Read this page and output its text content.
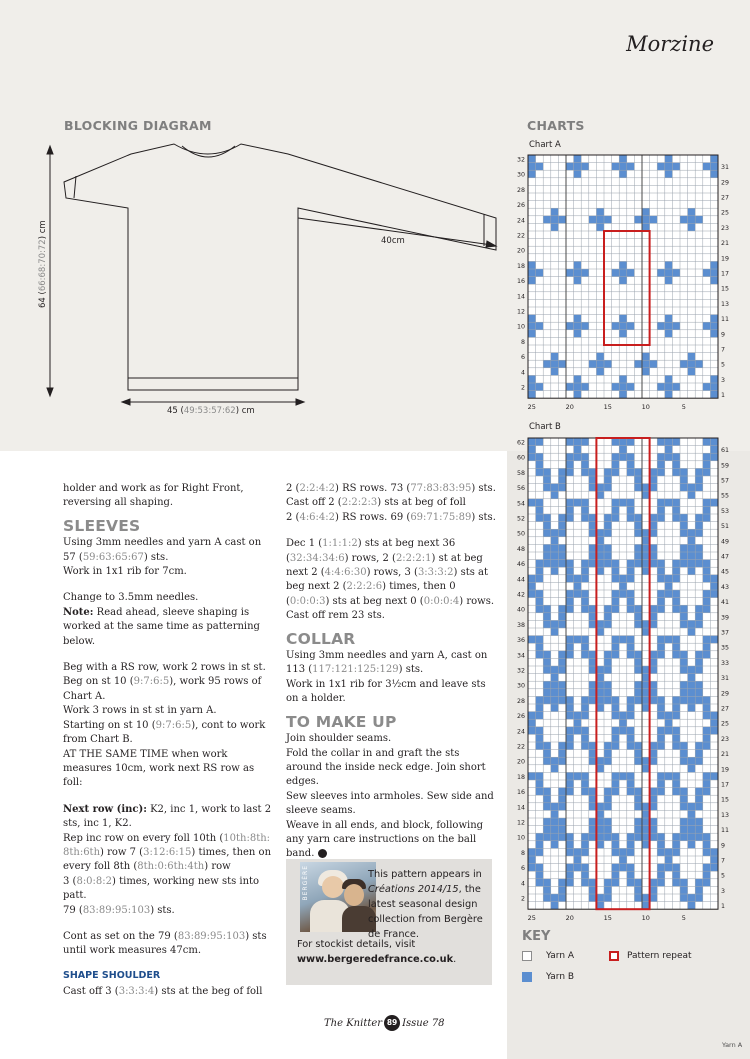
Morzine
BLOCKING DIAGRAM	CHARTS
64 (66:68:70:72) cm
45 (49:53:57:62) cm
40cm
Chart A
2
4
6
8
10
12
14
16
18
20
22
24
26
28
30
32
1
3
5
7
9
11
13
15
17
19
21
23
25
27
29
31
25	20	15	10	5
Chart B
2
4
6
8
10
12
14
16
18
20
22
24
26
28
30
32
34
36
38
40
42
44
46
48
50
52
54
56
58
60
62
1
3
5
7
9
11
13
15
17
19
21
23
25
27
29
31
33
35
37
39
41
43
45
47
49
51
53
55
57
59
61
25	20	15	10	5

holder and work as for Right Front, reversing all shaping.

SLEEVES

Using 3mm needles and yarn A cast on

57 (59:63:65:67) sts.

Work in 1x1 rib for 7cm.

Change to 3.5mm needles.

Note: Read ahead, sleeve shaping is worked at the same time as patterning below.

Beg with a RS row, work 2 rows in st st.

Beg on st 10 (9:7:6:5), work 95 rows of Chart A.

Work 3 rows in st st in yarn A.

Starting on st 10 (9:7:6:5), cont to work from Chart B.

AT THE SAME TIME when work measures 10cm, work next RS row as foll:

Next row (inc): K2, inc 1, work to last 2 sts, inc 1, K2.

Rep inc row on every foll 10th (10th:8th: 8th:6th) row 7 (3:12:6:15) times, then on every foll 8th (8th:0:6th:4th) row

3 (8:0:8:2) times, working new sts into patt.

79 (83:89:95:103) sts.

Cont as set on the 79 (83:89:95:103) sts until work measures 47cm.

SHAPE SHOULDER

Cast off 3 (3:3:3:4) sts at the beg of foll

2 (2:2:4:2) RS rows. 73 (77:83:83:95) sts.

Cast off 2 (2:2:2:3) sts at beg of foll

2 (4:6:4:2) RS rows. 69 (69:71:75:89) sts.

Dec 1 (1:1:1:2) sts at beg next 36 (32:34:34:6) rows, 2 (2:2:2:1) st at beg next 2 (4:4:6:30) rows, 3 (3:3:3:2) sts at beg next 2 (2:2:2:6) times, then 0 (0:0:0:3) sts at beg next 0 (0:0:0:4) rows.

Cast off rem 23 sts.

COLLAR

Using 3mm needles and yarn A, cast on 113 (117:121:125:129) sts.

Work in 1x1 rib for 3½cm and leave sts on a holder.

TO MAKE UP

Join shoulder seams.

Fold the collar in and graft the sts around the inside neck edge. Join short edges.

Sew sleeves into armholes. Sew side and sleeve seams.

Weave in all ends, and block, following any yarn care instructions on the ball band.

BERGÈRE	This pattern appears in Créations 2014/15, the latest seasonal design collection from Bergère de France.
For stockist details, visit
www.bergeredefrance.co.uk.
KEY
Yarn A
Yarn B
Pattern repeat
The Knitter 89 Issue 78
Yarn A
